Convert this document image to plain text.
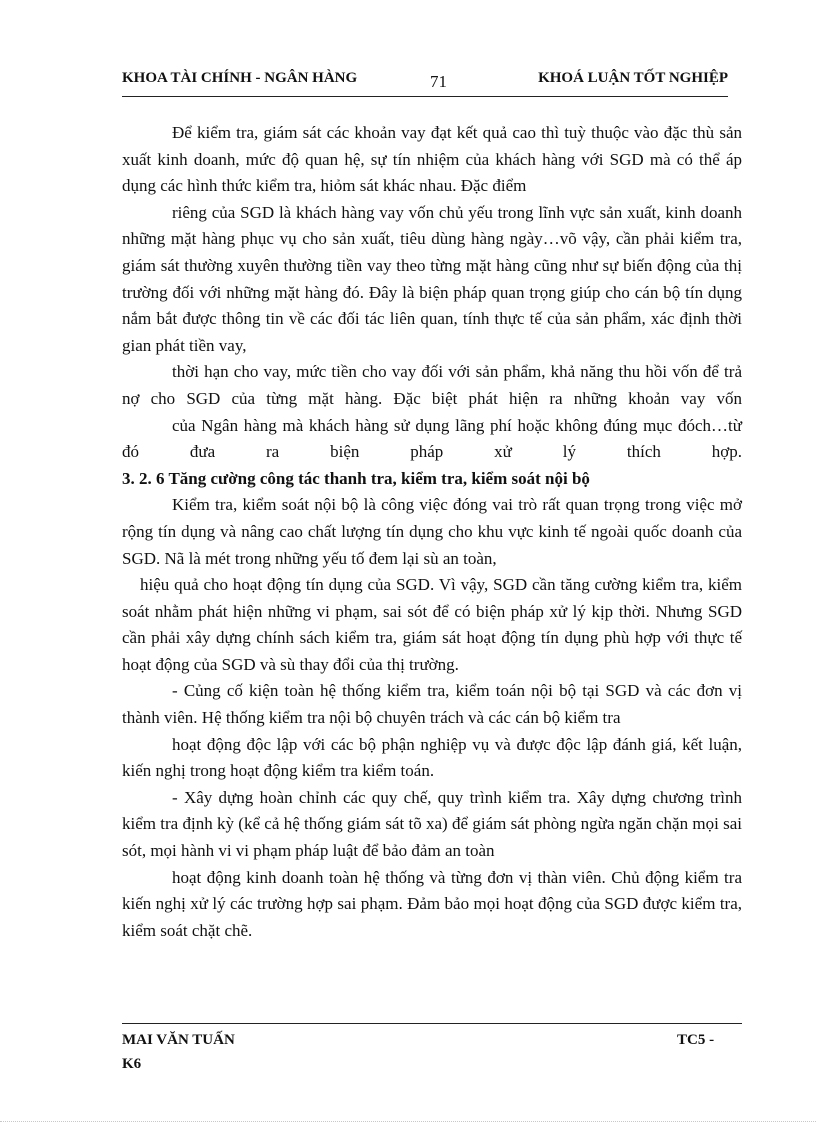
KHOA TÀI CHÍNH - NGÂN HÀNG	71	KHOÁ LUẬN TỐT NGHIỆP

Để kiểm tra, giám sát các khoản vay đạt kết quả cao thì tuỳ thuộc vào đặc thù sản xuất kinh doanh, mức độ quan hệ, sự tín nhiệm của khách hàng với SGD mà có thể áp dụng các hình thức kiểm tra, hiỏm sát khác nhau. Đặc điểm

riêng của SGD là khách hàng vay vốn chủ yếu trong lĩnh vực sản xuất, kinh doanh những mặt hàng phục vụ cho sản xuất, tiêu dùng hàng ngày…võ vậy, cần phải kiểm tra, giám sát thường xuyên thường tiền vay theo từng mặt hàng cũng như sự biến động của thị trường đối với những mặt hàng đó. Đây là biện pháp quan trọng giúp cho cán bộ tín dụng nắm bắt được thông tin về các đối tác liên quan, tính thực tế của sản phẩm, xác định thời gian phát tiền vay,

thời hạn cho vay, mức tiền cho vay đối với sản phẩm, khả năng thu hồi vốn để trả nợ cho SGD của từng mặt hàng. Đặc biệt phát hiện ra những khoản vay vốn

của Ngân hàng mà khách hàng sử dụng lãng phí hoặc không đúng mục đóch…từ đó đưa ra biện pháp xử lý thích hợp.

3. 2. 6 Tăng cường công tác thanh tra, kiểm tra, kiểm soát nội bộ

Kiểm tra, kiểm soát nội bộ là công việc đóng vai trò rất quan trọng trong việc mở rộng tín dụng và nâng cao chất lượng tín dụng cho khu vực kinh tế ngoài quốc doanh của SGD. Nã là mét trong những yếu tố đem lại sù an toàn,

hiệu quả cho hoạt động tín dụng của SGD. Vì vậy, SGD cần tăng cường kiểm tra, kiểm soát nhằm phát hiện những vi phạm, sai sót để có biện pháp xử lý kịp thời. Nhưng SGD cần phải xây dựng chính sách kiểm tra, giám sát hoạt động tín dụng phù hợp với thực tế hoạt động của SGD và sù thay đổi của thị trường.

- Củng cố kiện toàn hệ thống kiểm tra, kiểm toán nội bộ tại SGD và các đơn vị thành viên. Hệ thống kiểm tra nội bộ chuyên trách và các cán bộ kiểm tra

hoạt động độc lập với các bộ phận nghiệp vụ và được độc lập đánh giá, kết luận, kiến nghị trong hoạt động kiểm tra kiểm toán.

- Xây dựng hoàn chỉnh các quy chế, quy trình kiểm tra. Xây dựng chương trình kiểm tra định kỳ (kể cả hệ thống giám sát tõ xa) để giám sát phòng ngừa ngăn chặn mọi sai sót, mọi hành vi vi phạm pháp luật để bảo đảm an toàn

hoạt động kinh doanh toàn hệ thống và từng đơn vị thàn viên. Chủ động kiểm tra kiến nghị xử lý các trường hợp sai phạm. Đảm bảo mọi hoạt động của SGD được kiểm tra, kiểm soát chặt chẽ.

MAI VĂN TUẤN	TC5 -
K6
